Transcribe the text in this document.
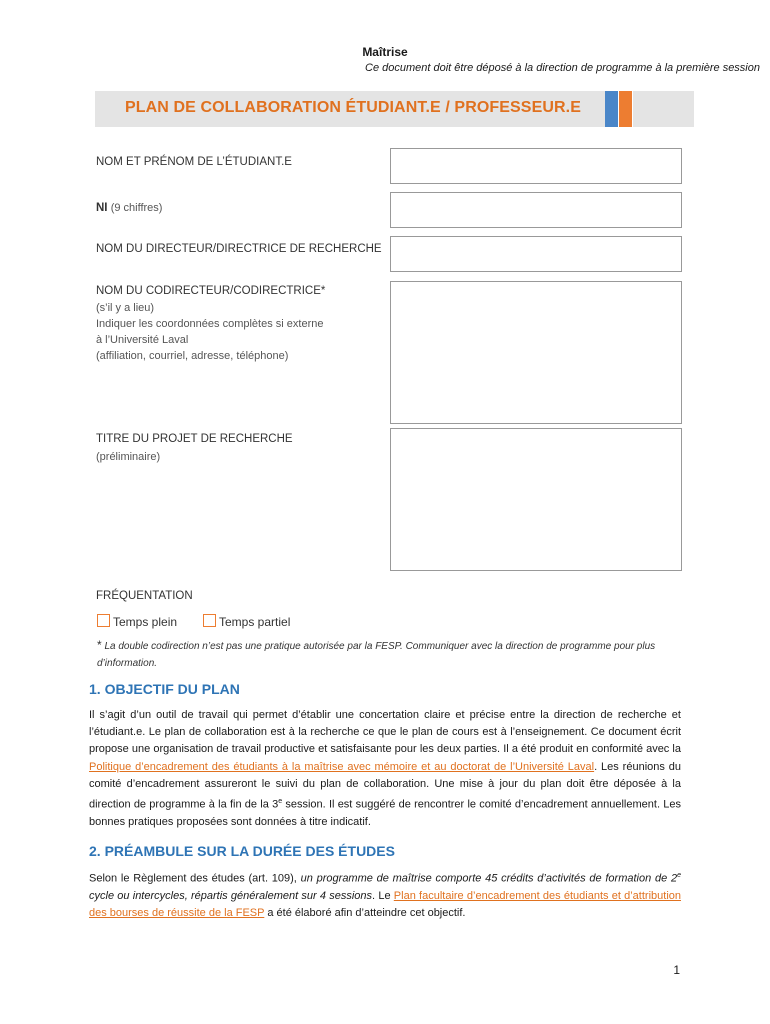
Maîtrise
Ce document doit être déposé à la direction de programme à la première session
PLAN DE COLLABORATION ÉTUDIANT.E / PROFESSEUR.E
NOM ET PRÉNOM DE L’ÉTUDIANT.E
NI (9 chiffres)
NOM DU DIRECTEUR/DIRECTRICE DE RECHERCHE
NOM DU CODIRECTEUR/CODIRECTRICE*
(s’il y a lieu)
Indiquer les coordonnées complètes si externe
à l’Université Laval
(affiliation, courriel, adresse, téléphone)
TITRE DU PROJET DE RECHERCHE
(préliminaire)
FRÉQUENTATION
Temps plein	Temps partiel
* La double codirection n’est pas une pratique autorisée par la FESP. Communiquer avec la direction de programme pour plus d’information.
1. OBJECTIF DU PLAN
Il s’agit d’un outil de travail qui permet d’établir une concertation claire et précise entre la direction de recherche et l’étudiant.e. Le plan de collaboration est à la recherche ce que le plan de cours est à l’enseignement. Ce document écrit propose une organisation de travail productive et satisfaisante pour les deux parties. Il a été produit en conformité avec la Politique d’encadrement des étudiants à la maîtrise avec mémoire et au doctorat de l’Université Laval. Les réunions du comité d’encadrement assureront le suivi du plan de collaboration. Une mise à jour du plan doit être déposée à la direction de programme à la fin de la 3e session. Il est suggéré de rencontrer le comité d’encadrement annuellement. Les bonnes pratiques proposées sont données à titre indicatif.
2. PRÉAMBULE SUR LA DURÉE DES ÉTUDES
Selon le Règlement des études (art. 109), un programme de maîtrise comporte 45 crédits d’activités de formation de 2e cycle ou intercycles, répartis généralement sur 4 sessions. Le Plan facultaire d’encadrement des étudiants et d’attribution des bourses de réussite de la FESP a été élaboré afin d’atteindre cet objectif.
1
